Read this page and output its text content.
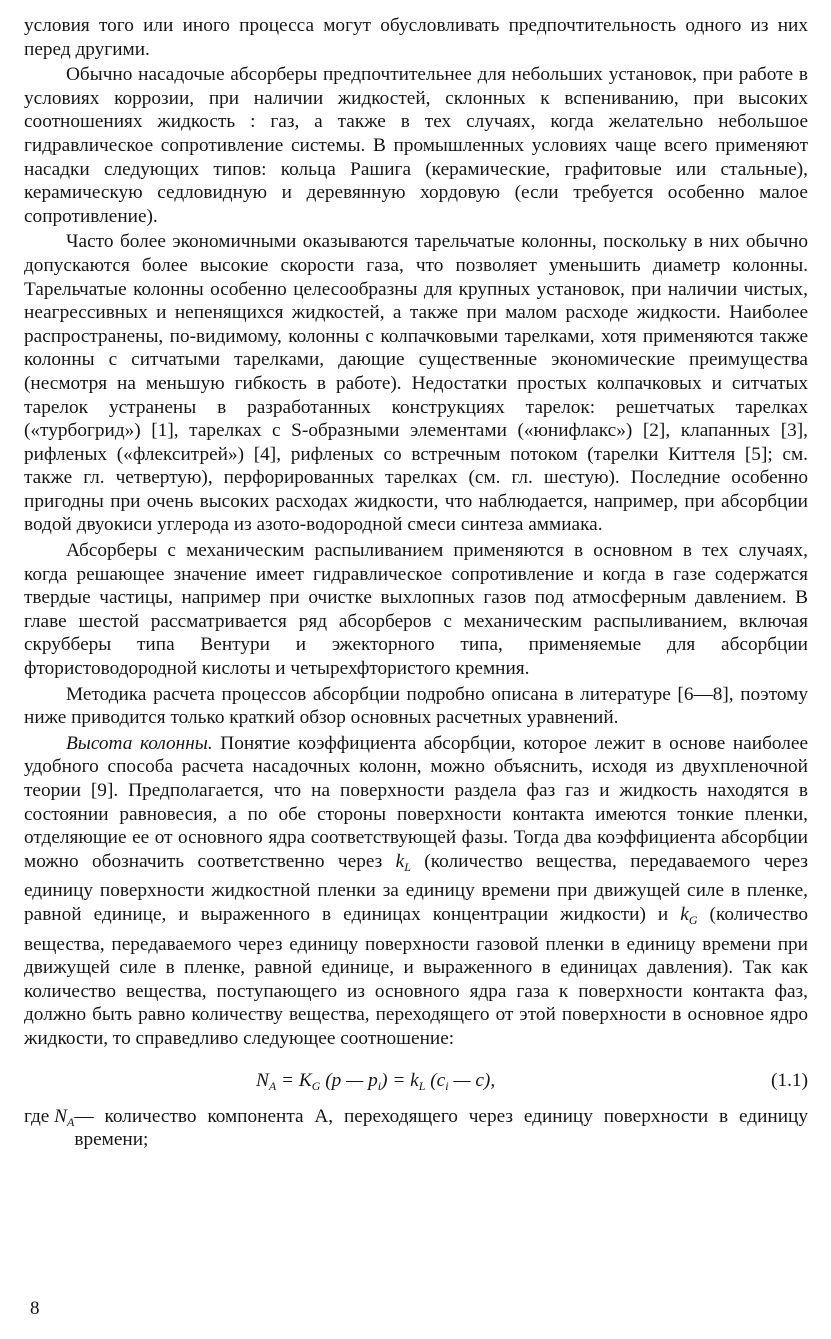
условия того или иного процесса могут обусловливать предпочтительность одного из них перед другими.

Обычно насадочые абсорберы предпочтительнее для небольших установок, при работе в условиях коррозии, при наличии жидкостей, склонных к вспениванию, при высоких соотношениях жидкость : газ, а также в тех случаях, когда желательно небольшое гидравлическое сопротивление системы. В промышленных условиях чаще всего применяют насадки следующих типов: кольца Рашига (керамические, графитовые или стальные), керамическую седловидную и деревянную хордовую (если требуется особенно малое сопротивление).

Часто более экономичными оказываются тарельчатые колонны, поскольку в них обычно допускаются более высокие скорости газа, что позволяет уменьшить диаметр колонны. Тарельчатые колонны особенно целесообразны для крупных установок, при наличии чистых, неагрессивных и непенящихся жидкостей, а также при малом расходе жидкости. Наиболее распространены, по-видимому, колонны с колпачковыми тарелками, хотя применяются также колонны с ситчатыми тарелками, дающие существенные экономические преимущества (несмотря на меньшую гибкость в работе). Недостатки простых колпачковых и ситчатых тарелок устранены в разработанных конструкциях тарелок: решетчатых тарелках («турбогрид») [1], тарелках с S-образными элементами («юнифлакс») [2], клапанных [3], рифленых («флекситрей») [4], рифленых со встречным потоком (тарелки Киттеля [5]; см. также гл. четвертую), перфорированных тарелках (см. гл. шестую). Последние особенно пригодны при очень высоких расходах жидкости, что наблюдается, например, при абсорбции водой двуокиси углерода из азото-водородной смеси синтеза аммиака.

Абсорберы с механическим распыливанием применяются в основном в тех случаях, когда решающее значение имеет гидравлическое сопротивление и когда в газе содержатся твердые частицы, например при очистке выхлопных газов под атмосферным давлением. В главе шестой рассматривается ряд абсорберов с механическим распыливанием, включая скрубберы типа Вентури и эжекторного типа, применяемые для абсорбции фтористоводородной кислоты и четырехфтористого кремния.

Методика расчета процессов абсорбции подробно описана в литературе [6—8], поэтому ниже приводится только краткий обзор основных расчетных уравнений.

Высота колонны. Понятие коэффициента абсорбции, которое лежит в основе наиболее удобного способа расчета насадочных колонн, можно объяснить, исходя из двухпленочной теории [9]. Предполагается, что на поверхности раздела фаз газ и жидкость находятся в состоянии равновесия, а по обе стороны поверхности контакта имеются тонкие пленки, отделяющие ее от основного ядра соответствующей фазы. Тогда два коэффициента абсорбции можно обозначить соответственно через $k_L$ (количество вещества, передаваемого через единицу поверхности жидкостной пленки за единицу времени при движущей силе в пленке, равной единице, и выраженного в единицах концентрации жидкости) и $k_G$ (количество вещества, передаваемого через единицу поверхности газовой пленки в единицу времени при движущей силе в пленке, равной единице, и выраженного в единицах давления). Так как количество вещества, поступающего из основного ядра газа к поверхности контакта фаз, должно быть равно количеству вещества, переходящего от этой поверхности в основное ядро жидкости, то справедливо следующее соотношение:

$N_A = K_G$ (p — $p_i) = k_L$ ($c_i$ — c),	(1.1)
где $N_A$ — количество компонента A, переходящего через единицу поверхности в единицу времени;
8
